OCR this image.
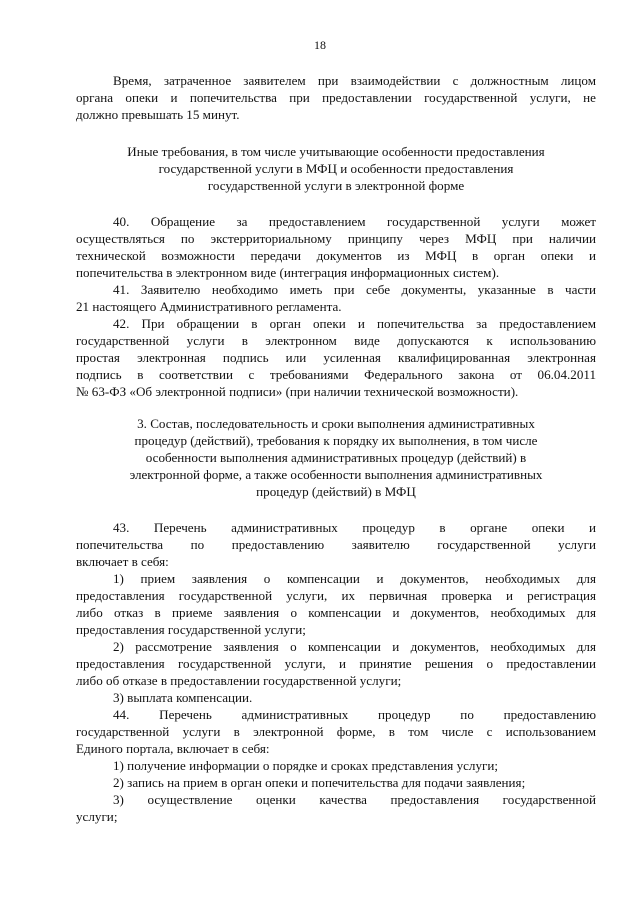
18
Время, затраченное заявителем при взаимодействии с должностным лицом
органа опеки и попечительства при предоставлении государственной услуги, не
должно превышать 15 минут.
Иные требования, в том числе учитывающие особенности предоставления
государственной услуги в МФЦ и особенности предоставления
государственной услуги в электронной форме
40. Обращение за предоставлением государственной услуги может
осуществляться по экстерриториальному принципу через МФЦ при наличии
технической возможности передачи документов из МФЦ в орган опеки и
попечительства в электронном виде (интеграция информационных систем).
41. Заявителю необходимо иметь при себе документы, указанные в части
21 настоящего Административного регламента.
42. При обращении в орган опеки и попечительства за предоставлением
государственной услуги в электронном виде допускаются к использованию
простая электронная подпись или усиленная квалифицированная электронная
подпись в соответствии с требованиями Федерального закона от 06.04.2011
№ 63-ФЗ «Об электронной подписи» (при наличии технической возможности).
3. Состав, последовательность и сроки выполнения административных
процедур (действий), требования к порядку их выполнения, в том числе
особенности выполнения административных процедур (действий) в
электронной форме, а также особенности выполнения административных
процедур (действий) в МФЦ
43. Перечень административных процедур в органе опеки и
попечительства по предоставлению заявителю государственной услуги
включает в себя:
1) прием заявления о компенсации и документов, необходимых для
предоставления государственной услуги, их первичная проверка и регистрация
либо отказ в приеме заявления о компенсации и документов, необходимых для
предоставления государственной услуги;
2) рассмотрение заявления о компенсации и документов, необходимых для
предоставления государственной услуги, и принятие решения о предоставлении
либо об отказе в предоставлении государственной услуги;
3) выплата компенсации.
44. Перечень административных процедур по предоставлению
государственной услуги в электронной форме, в том числе с использованием
Единого портала, включает в себя:
1) получение информации о порядке и сроках представления услуги;
2) запись на прием в орган опеки и попечительства для подачи заявления;
3) осуществление оценки качества предоставления государственной
услуги;
